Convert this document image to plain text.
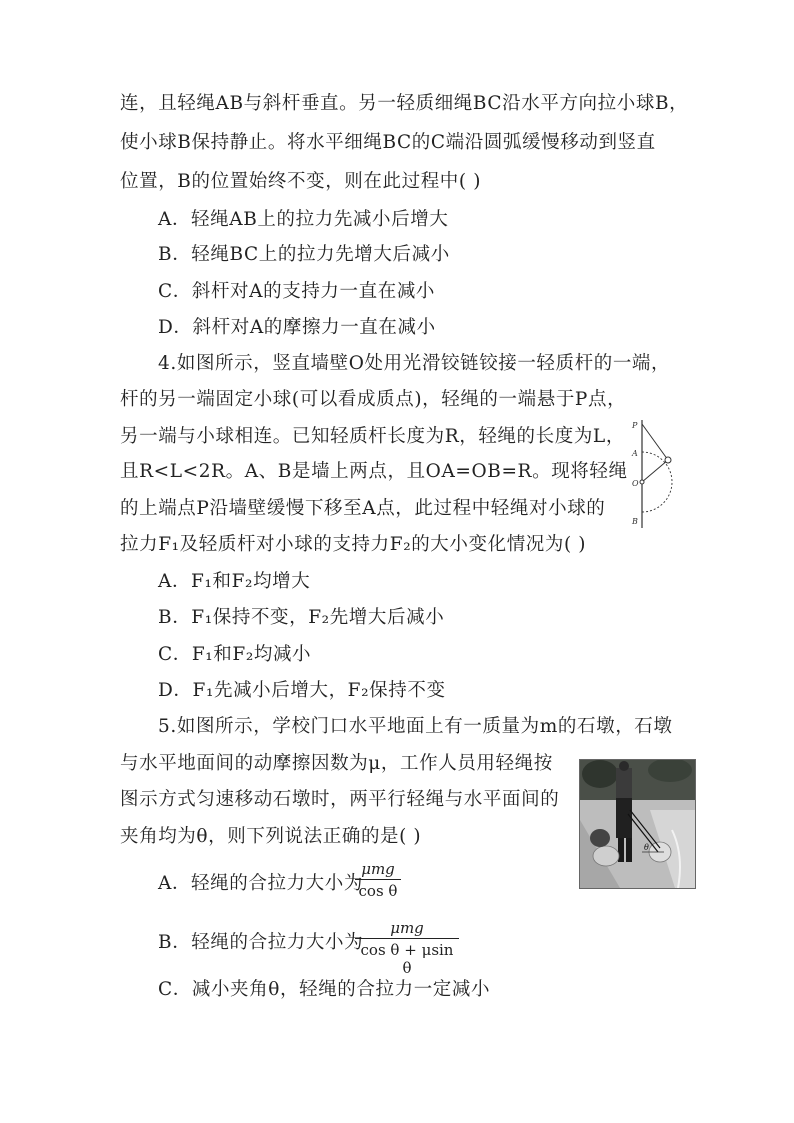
连，且轻绳AB与斜杆垂直。另一轻质细绳BC沿水平方向拉小球B，
使小球B保持静止。将水平细绳BC的C端沿圆弧缓慢移动到竖直
位置，B的位置始终不变，则在此过程中( )
A．轻绳AB上的拉力先减小后增大
B．轻绳BC上的拉力先增大后减小
C．斜杆对A的支持力一直在减小
D．斜杆对A的摩擦力一直在减小
4.如图所示，竖直墙壁O处用光滑铰链铰接一轻质杆的一端，
杆的另一端固定小球(可以看成质点)，轻绳的一端悬于P点，
另一端与小球相连。已知轻质杆长度为R，轻绳的长度为L，
且R<L<2R。A、B是墙上两点，且OA=OB=R。现将轻绳
的上端点P沿墙壁缓慢下移至A点，此过程中轻绳对小球的
拉力F₁及轻质杆对小球的支持力F₂的大小变化情况为( )
A．F₁和F₂均增大
B．F₁保持不变，F₂先增大后减小
C．F₁和F₂均减小
D．F₁先减小后增大，F₂保持不变
5.如图所示，学校门口水平地面上有一质量为m的石墩，石墩
与水平地面间的动摩擦因数为μ，工作人员用轻绳按
图示方式匀速移动石墩时，两平行轻绳与水平面间的
夹角均为θ，则下列说法正确的是( )
A．轻绳的合拉力大小为
μmg
cos θ
B．轻绳的合拉力大小为
μmg
cos θ + μsin θ
C．减小夹角θ，轻绳的合拉力一定减小
P
A
O
B
θ
